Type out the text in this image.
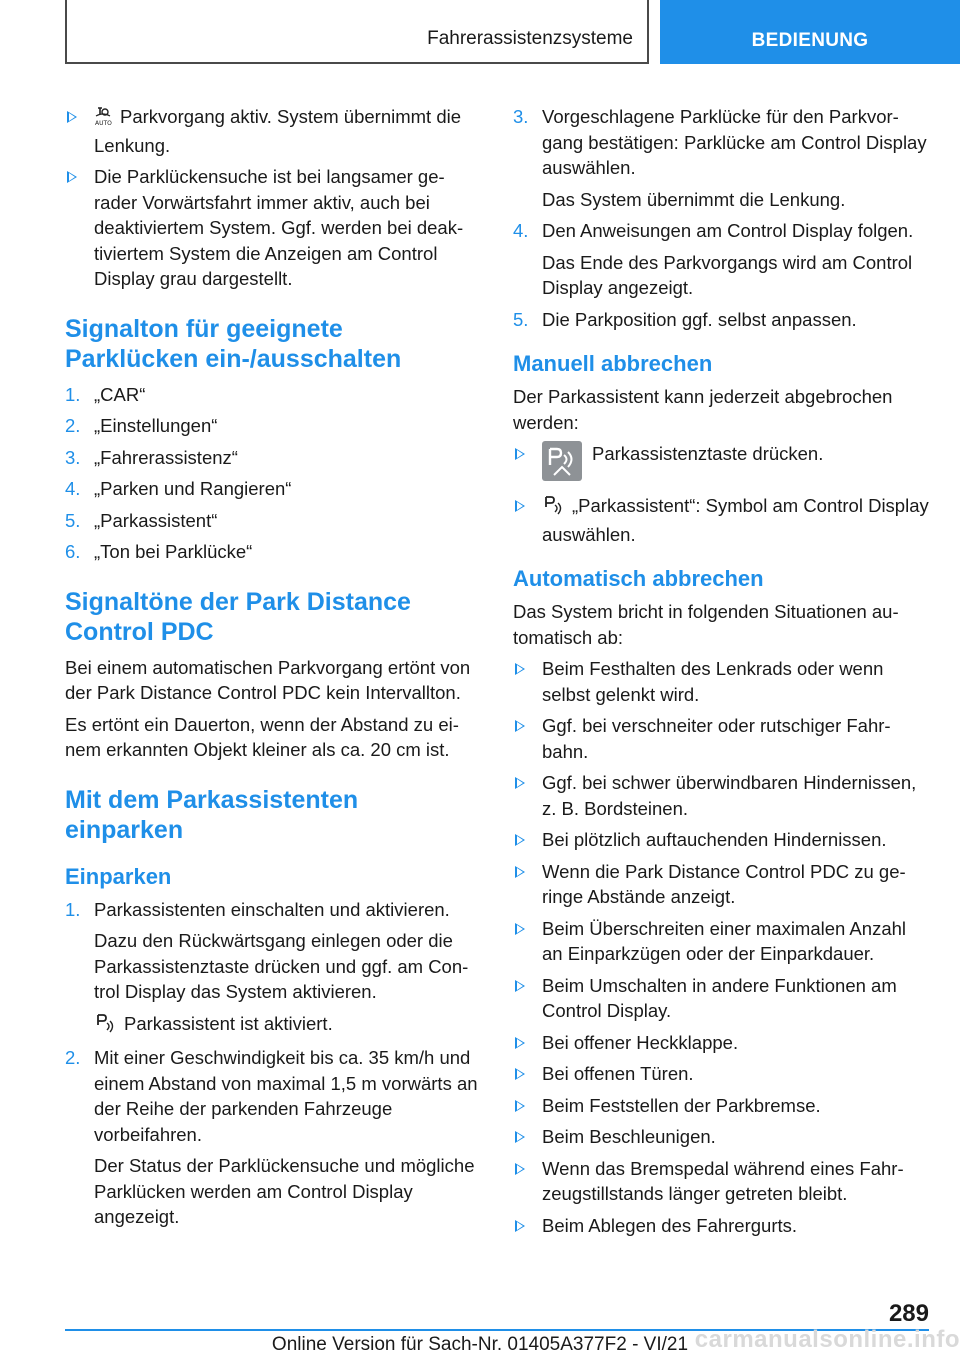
Fahrerassistenzsysteme	BEDIENUNG
AUTO Parkvorgang aktiv. System übernimmt die Lenkung.
Die Parklückensuche ist bei langsamer gerader Vorwärtsfahrt immer aktiv, auch bei deaktiviertem System. Ggf. werden bei deaktiviertem System die Anzeigen am Control Display grau dargestellt.
Signalton für geeignete Parklücken ein-/ausschalten
1. „CAR“
2. „Einstellungen“
3. „Fahrerassistenz“
4. „Parken und Rangieren“
5. „Parkassistent“
6. „Ton bei Parklücke“
Signaltöne der Park Distance Control PDC

Bei einem automatischen Parkvorgang ertönt von der Park Distance Control PDC kein Intervallton.

Es ertönt ein Dauerton, wenn der Abstand zu einem erkannten Objekt kleiner als ca. 20 cm ist.

Mit dem Parkassistenten einparken
Einparken
1. Parkassistenten einschalten und aktivieren.
Dazu den Rückwärtsgang einlegen oder die Parkassistenztaste drücken und ggf. am Control Display das System aktivieren.
Parkassistent ist aktiviert.
2. Mit einer Geschwindigkeit bis ca. 35 km/h und einem Abstand von maximal 1,5 m vorwärts an der Reihe der parkenden Fahrzeuge vorbeifahren.
Der Status der Parklückensuche und mögliche Parklücken werden am Control Display angezeigt.
3. Vorgeschlagene Parklücke für den Parkvorgang bestätigen: Parklücke am Control Display auswählen.
Das System übernimmt die Lenkung.
4. Den Anweisungen am Control Display folgen.
Das Ende des Parkvorgangs wird am Control Display angezeigt.
5. Die Parkposition ggf. selbst anpassen.
Manuell abbrechen

Der Parkassistent kann jederzeit abgebrochen werden:

Parkassistenztaste drücken.
„Parkassistent“: Symbol am Control Display auswählen.
Automatisch abbrechen

Das System bricht in folgenden Situationen automatisch ab:

Beim Festhalten des Lenkrads oder wenn selbst gelenkt wird.
Ggf. bei verschneiter oder rutschiger Fahrbahn.
Ggf. bei schwer überwindbaren Hindernissen, z. B. Bordsteinen.
Bei plötzlich auftauchenden Hindernissen.
Wenn die Park Distance Control PDC zu geringe Abstände anzeigt.
Beim Überschreiten einer maximalen Anzahl an Einparkzügen oder der Einparkdauer.
Beim Umschalten in andere Funktionen am Control Display.
Bei offener Heckklappe.
Bei offenen Türen.
Beim Feststellen der Parkbremse.
Beim Beschleunigen.
Wenn das Bremspedal während eines Fahrzeugstillstands länger getreten bleibt.
Beim Ablegen des Fahrergurts.
289
carmanualsonline.info
Online Version für Sach-Nr. 01405A377F2 - VI/21
